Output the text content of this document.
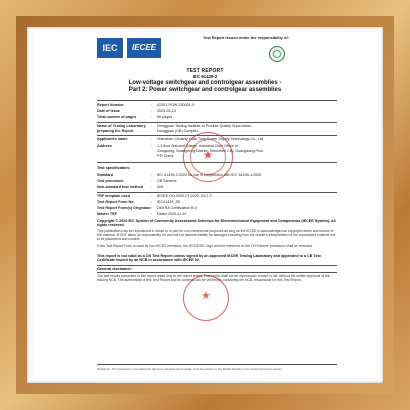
IEC	IECEE
Test Report issued under the responsibility of:
TEST REPORT
IEC 61439-2
Low-voltage switchgear and controlgear assemblies -
Part 2: Power switchgear and controlgear assemblies
Report Number	: 02201-POW-230001-X
Date of issue	: 2023-04-13
Total number of pages	: 90 pages
Name of Testing Laboratory : Dongguan Testing Institute of Product Quality Supervision-
preparing the Report	Dongguan (CB) Complex
Applicant's name	: Shenzhen Chuang Yuan Tong Power Supply Technology Co., Ltd
Address	: 1-3 floor first and Village, Industrial Zone Office of
Gongming, Guangming District, Shenzhen City, Guangdong Prov.
P.R.China	★
Test specification:
Standard	: IEC 61439-2:2020 for use in conjunction with IEC 61439-1:2020
Test procedure	: CB Scheme
Non-standard test method : N/A
TRF template used	: IECEE OD-2020-F1:2020, Ed.1.3
Test Report Form No.	: IEC61439_2D
Test Report Form(s) Originator : DEKRA Certification B.V.
Master TRF	: Dated 2020-11-10
Copyright © 2020 IEC System of Conformity Assessment Schemes for Electrotechnical Equipment and Components (IECEE System). All rights reserved.
This publication may be reproduced in whole or in part for non-commercial purposes as long as the IECEE is acknowledged as copyright owner and source of the material. IECEE takes no responsibility for and will not assume liability for damages resulting from the reader's interpretation of the reproduced material due to its placement and context.
If this Test Report Form is used by non-IECEE members, the IECEE/IEC logo and the reference to the CB Scheme procedure shall be removed.
This report is not valid as a CB Test Report unless signed by an approved IECEE Testing Laboratory and appended to a CB Test Certificate issued by an NCB in accordance with IECEE 02.
General disclaimer:
The test results presented in this report relate only to the object tested. This report shall not be reproduced, except in full, without the written approval of the Issuing NCB. The authenticity of this Test Report and its contents can be verified by contacting the NCB, responsible for this Test Report.
★
Disclaimer: This document is controlled and has been released electronically. Only the version on the IECEE Website is the current document version.
